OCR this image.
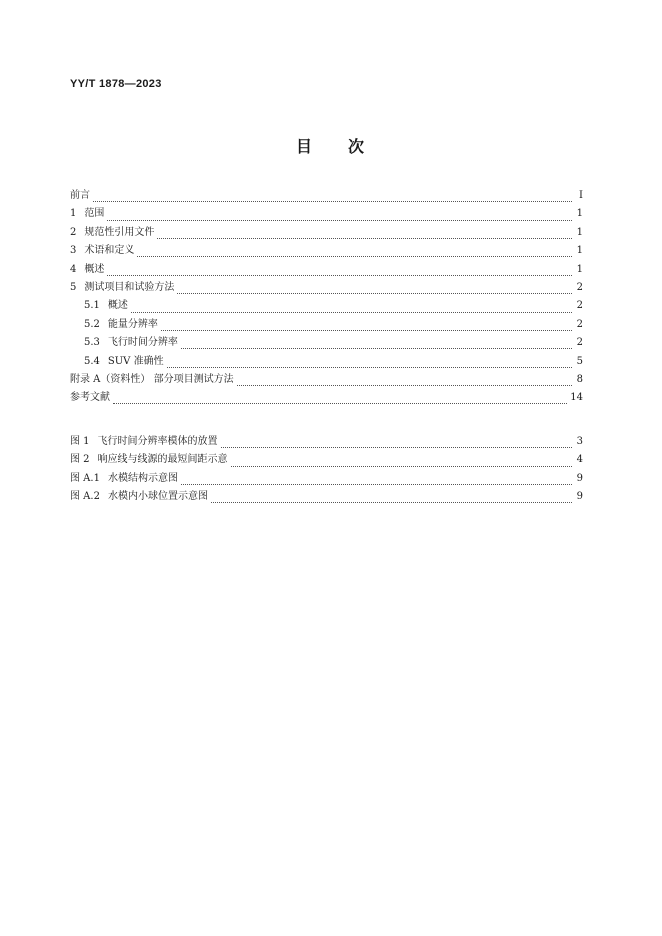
YY/T 1878—2023
目 次
前言	Ⅰ
1 范围	1
2 规范性引用文件	1
3 术语和定义	1
4 概述	1
5 测试项目和试验方法	2
5.1 概述	2
5.2 能量分辨率	2
5.3 飞行时间分辨率	2
5.4 SUV 准确性	5
附录 A（资料性） 部分项目测试方法	8
参考文献	14
图 1 飞行时间分辨率模体的放置	3
图 2 响应线与线源的最短间距示意	4
图 A.1 水模结构示意图	9
图 A.2 水模内小球位置示意图	9
